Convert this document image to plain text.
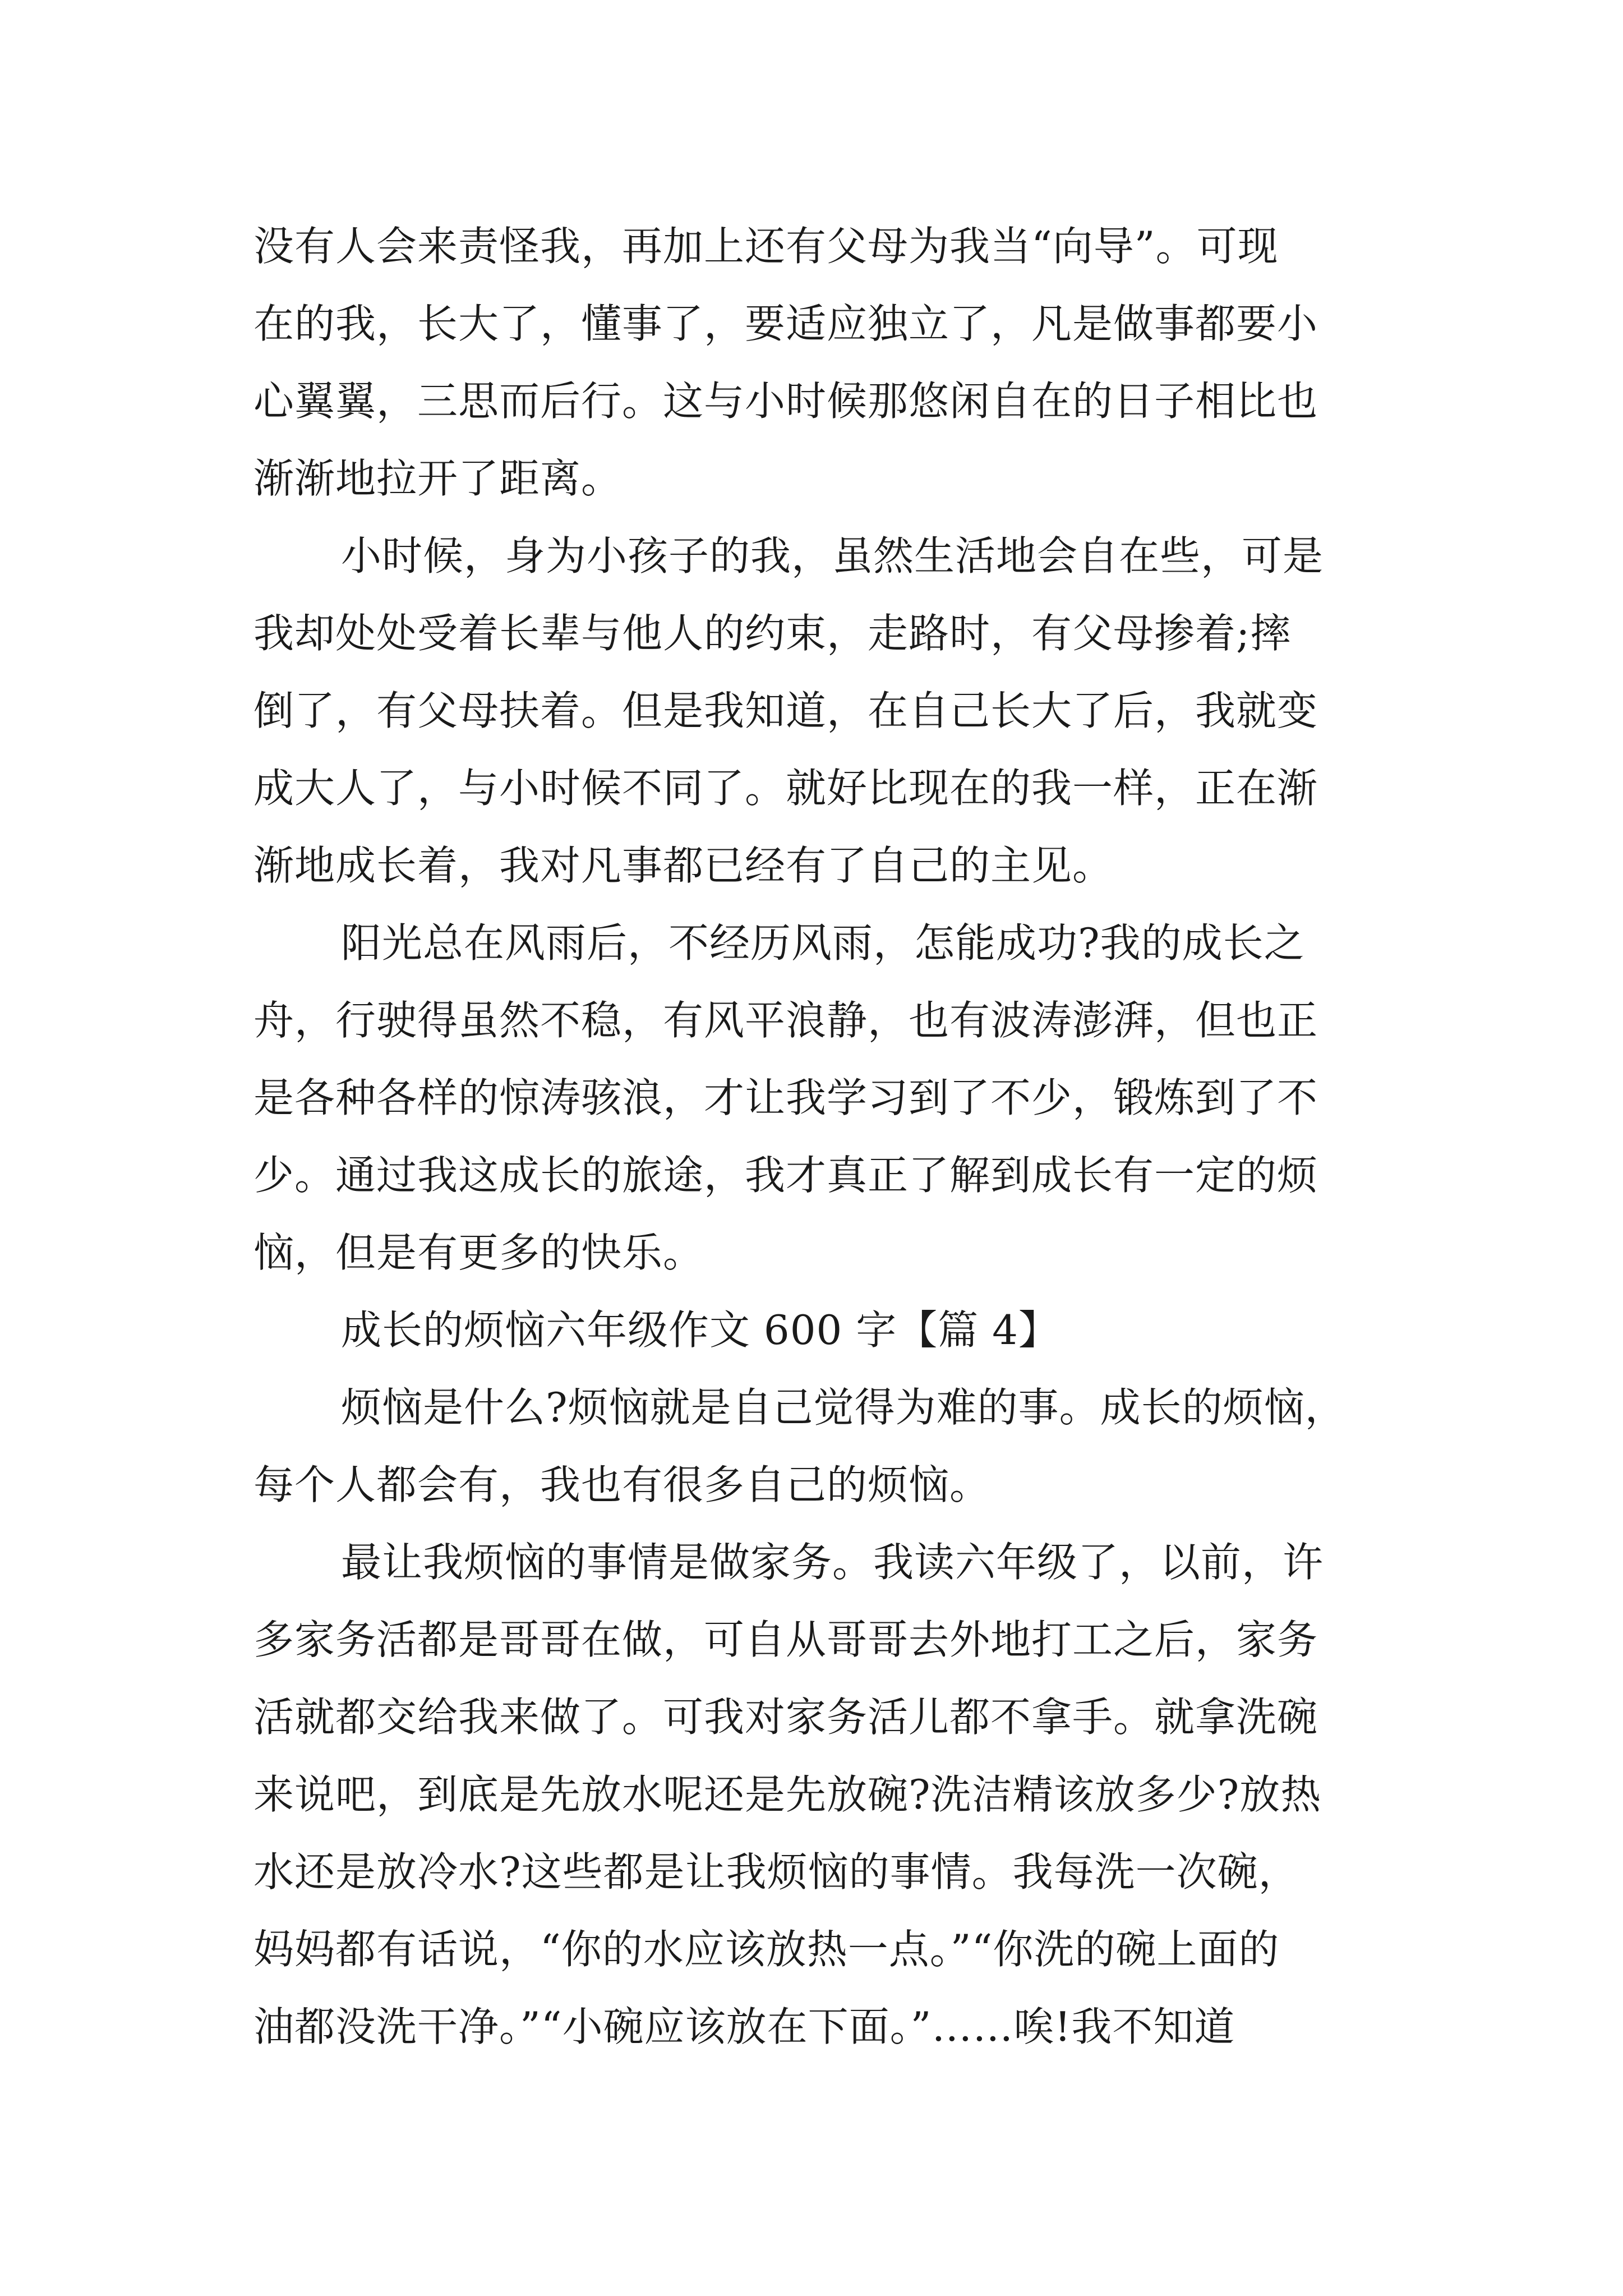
没有人会来责怪我，再加上还有父母为我当“向导”。可现
在的我，长大了，懂事了，要适应独立了，凡是做事都要小
心翼翼，三思而后行。这与小时候那悠闲自在的日子相比也
渐渐地拉开了距离。
小时候，身为小孩子的我，虽然生活地会自在些，可是
我却处处受着长辈与他人的约束，走路时，有父母掺着;摔
倒了，有父母扶着。但是我知道，在自己长大了后，我就变
成大人了，与小时候不同了。就好比现在的我一样，正在渐
渐地成长着，我对凡事都已经有了自己的主见。
阳光总在风雨后，不经历风雨，怎能成功?我的成长之
舟，行驶得虽然不稳，有风平浪静，也有波涛澎湃，但也正
是各种各样的惊涛骇浪，才让我学习到了不少，锻炼到了不
少。通过我这成长的旅途，我才真正了解到成长有一定的烦
恼，但是有更多的快乐。
成长的烦恼六年级作文 600 字【篇 4】
烦恼是什么?烦恼就是自己觉得为难的事。成长的烦恼，
每个人都会有，我也有很多自己的烦恼。
最让我烦恼的事情是做家务。我读六年级了，以前，许
多家务活都是哥哥在做，可自从哥哥去外地打工之后，家务
活就都交给我来做了。可我对家务活儿都不拿手。就拿洗碗
来说吧，到底是先放水呢还是先放碗?洗洁精该放多少?放热
水还是放冷水?这些都是让我烦恼的事情。我每洗一次碗，
妈妈都有话说，“你的水应该放热一点。”“你洗的碗上面的
油都没洗干净。”“小碗应该放在下面。”……唉!我不知道
